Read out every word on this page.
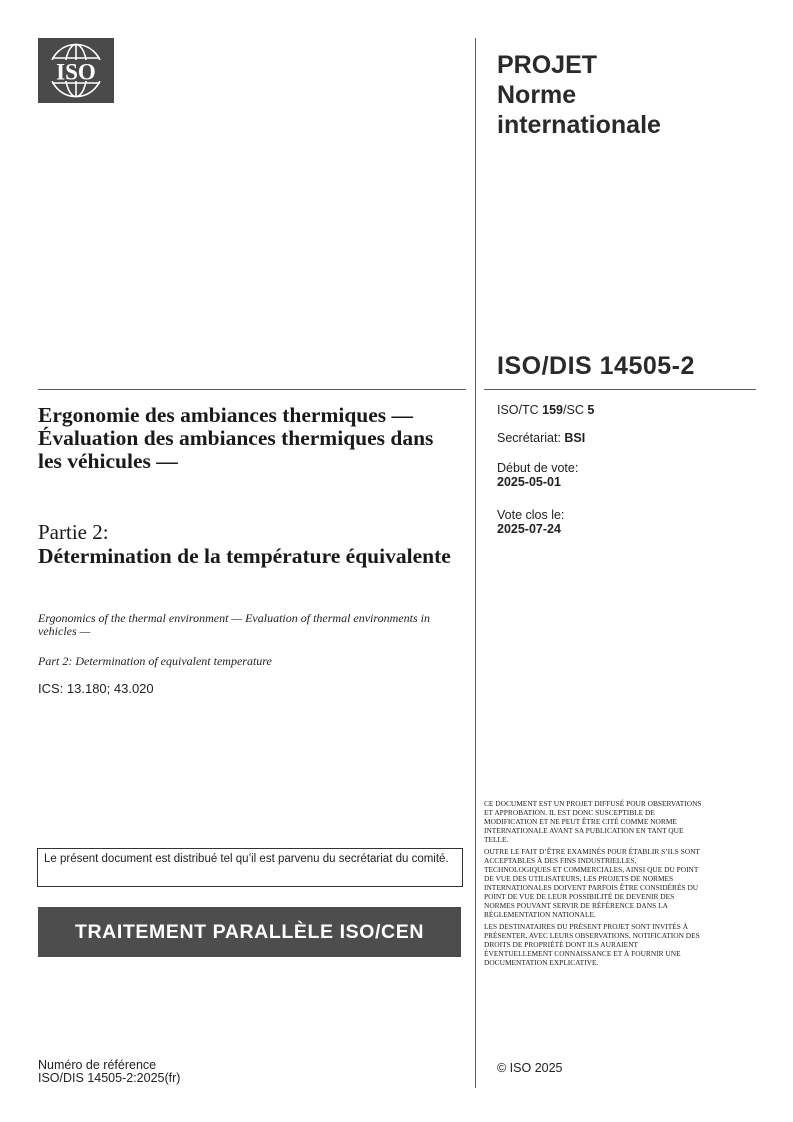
ISO	PROJET
Norme
internationale
ISO/DIS 14505-2
ISO/TC 159/SC 5
Secrétariat: BSI
Début de vote:
2025-05-01
Vote clos le:
2025-07-24
Ergonomie des ambiances thermiques — Évaluation des ambiances thermiques dans les véhicules —
Partie 2:
Détermination de la température équivalente
Ergonomics of the thermal environment — Evaluation of thermal environments in vehicles —
Part 2: Determination of equivalent temperature
ICS: 13.180; 43.020
Le présent document est distribué tel qu’il est parvenu du secrétariat du comité.
TRAITEMENT PARALLÈLE ISO/CEN
Numéro de référence
ISO/DIS 14505-2:2025(fr)

CE DOCUMENT EST UN PROJET DIFFUSÉ POUR OBSERVATIONS ET APPROBATION. IL EST DONC SUSCEPTIBLE DE MODIFICATION ET NE PEUT ÊTRE CITÉ COMME NORME INTERNATIONALE AVANT SA PUBLICATION EN TANT QUE TELLE.

OUTRE LE FAIT D’ÊTRE EXAMINÉS POUR ÉTABLIR S’ILS SONT ACCEPTABLES À DES FINS INDUSTRIELLES, TECHNOLOGIQUES ET COMMERCIALES, AINSI QUE DU POINT DE VUE DES UTILISATEURS, LES PROJETS DE NORMES INTERNATIONALES DOIVENT PARFOIS ÊTRE CONSIDÉRÉS DU POINT DE VUE DE LEUR POSSIBILITÉ DE DEVENIR DES NORMES POUVANT SERVIR DE RÉFÉRENCE DANS LA RÉGLEMENTATION NATIONALE.

LES DESTINATAIRES DU PRÉSENT PROJET SONT INVITÉS À PRÉSENTER, AVEC LEURS OBSERVATIONS, NOTIFICATION DES DROITS DE PROPRIÉTÉ DONT ILS AURAIENT ÉVENTUELLEMENT CONNAISSANCE ET À FOURNIR UNE DOCUMENTATION EXPLICATIVE.

© ISO 2025
